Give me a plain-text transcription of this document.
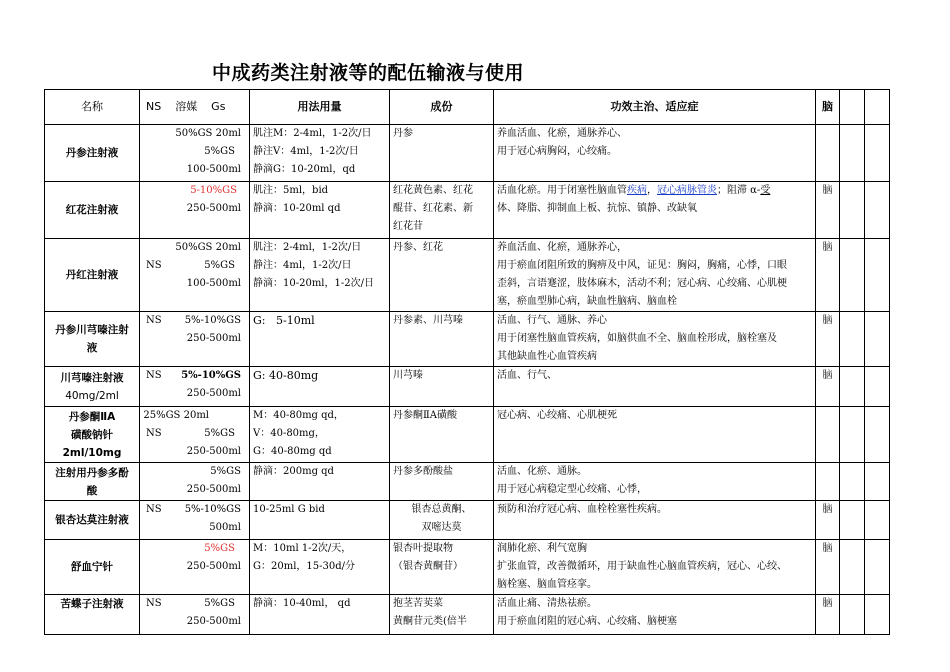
中成药类注射液等的配伍输液与使用
名称	NS    溶媒    Gs	用法用量	成份	功效主治、适应症	脑		

丹参注射液	50%GS 20ml
5%GS
100-500ml	肌注M：2-4ml，1-2次/日
静注V：4ml，1-2次/日
静滴G：10-20ml，qd	丹参	养血活血、化瘀，通脉养心、
用于冠心病胸闷，心绞痛。			

红花注射液	5-10%GS
250-500ml	肌注：5ml，bid
静滴：10-20ml qd	红花黄色素、红花
醌苷、红花素、新
红花苷	活血化瘀。用于闭塞性脑血管疾病，冠心病脉管炎；阻滞 α-受
体、降脂、抑制血上板、抗惊、镇静、改缺氧	脑		

丹红注射液	NS
50%GS 20ml
5%GS
100-500ml	肌注：2-4ml，1-2次/日
静注：4ml，1-2次/日
静滴：10-20ml，1-2次/日	丹参、红花	养血活血、化瘀，通脉养心，
用于瘀血闭阻所致的胸痹及中风，证见：胸闷，胸痛，心悸，口眼
歪斜，言语蹇涩，肢体麻木，活动不利；冠心病、心绞痛、心肌梗
塞，瘀血型肺心病，缺血性脑病、脑血栓	脑		

丹参川芎嗪注射
液	NS 5%-10%GS
250-500ml	G:   5-10ml	丹参素、川芎嗪	活血、行气、通脉、养心
用于闭塞性脑血管疾病，如脑供血不全、脑血栓形成，脑栓塞及
其他缺血性心血管疾病	脑		

川芎嗪注射液
40mg/2ml	NS 5%-10%GS
250-500ml	G: 40-80mg	川芎嗪	活血、行气、	脑		

丹参酮ⅡA
磺酸钠针
2ml/10mg	NS
25%GS 20ml
5%GS
250-500ml	M：40-80mg qd，
V：40-80mg，
G：40-80mg qd	丹参酮ⅡA磺酸	冠心病、心绞痛、心肌梗死			

注射用丹参多酚
酸	5%GS
250-500ml	静滴：200mg qd	丹参多酚酸盐	活血、化瘀、通脉。
用于冠心病稳定型心绞痛、心悸，			

银杏达莫注射液	NS 5%-10%GS
500ml	10-25ml G bid	银杏总黄酮、
双嘧达莫	预防和治疗冠心病、血栓栓塞性疾病。	脑		

舒血宁针	5%GS
250-500ml	M：10ml 1-2次/天，
G：20ml，15-30d/分	银杏叶提取物
（银杏黄酮苷）	润肺化瘀、利气宽胸
扩张血管，改善微循环，用于缺血性心脑血管疾病，冠心、心绞、
脑栓塞、脑血管痉挛。	脑		

苦蝶子注射液	NS 5%GS
250-500ml	静滴：10-40ml， qd	抱茎苦荬菜
黄酮苷元类(倍半	活血止痛、清热祛瘀。
用于瘀血闭阻的冠心病、心绞痛、脑梗塞	脑		
